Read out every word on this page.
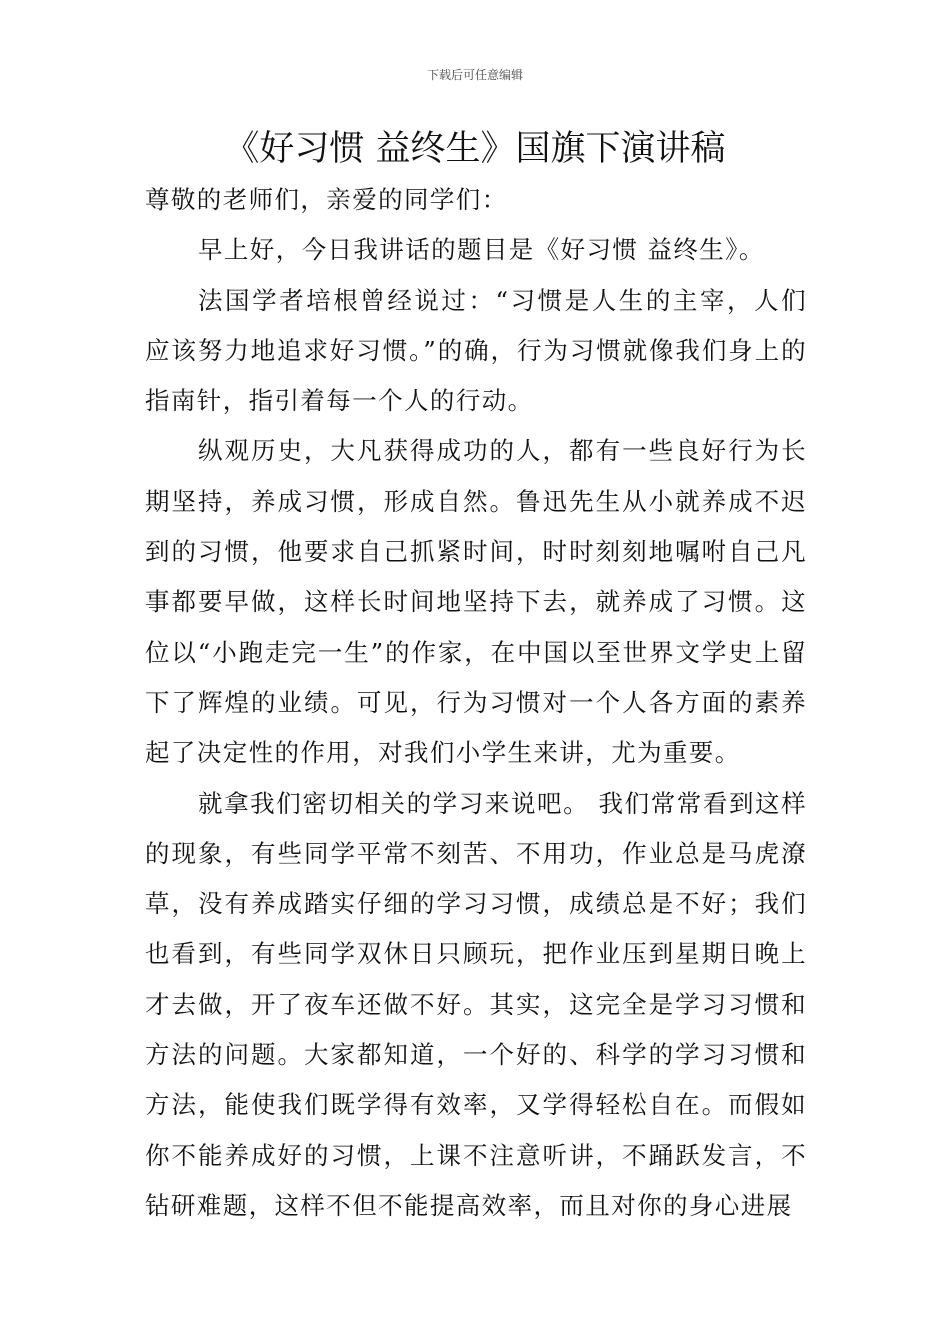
下载后可任意编辑
《好习惯 益终生》国旗下演讲稿

尊敬的老师们，亲爱的同学们：

早上好，今日我讲话的题目是《好习惯 益终生》。

法国学者培根曾经说过：“习惯是人生的主宰，人们应该努力地追求好习惯。”的确，行为习惯就像我们身上的指南针，指引着每一个人的行动。

纵观历史，大凡获得成功的人，都有一些良好行为长期坚持，养成习惯，形成自然。鲁迅先生从小就养成不迟到的习惯，他要求自己抓紧时间，时时刻刻地嘱咐自己凡事都要早做，这样长时间地坚持下去，就养成了习惯。这位以“小跑走完一生”的作家，在中国以至世界文学史上留下了辉煌的业绩。可见，行为习惯对一个人各方面的素养起了决定性的作用，对我们小学生来讲，尤为重要。

就拿我们密切相关的学习来说吧。 我们常常看到这样的现象，有些同学平常不刻苦、不用功，作业总是马虎潦草，没有养成踏实仔细的学习习惯，成绩总是不好；我们也看到，有些同学双休日只顾玩，把作业压到星期日晚上才去做，开了夜车还做不好。其实，这完全是学习习惯和方法的问题。大家都知道，一个好的、科学的学习习惯和方法，能使我们既学得有效率，又学得轻松自在。而假如你不能养成好的习惯，上课不注意听讲，不踊跃发言，不钻研难题，这样不但不能提高效率，而且对你的身心进展
